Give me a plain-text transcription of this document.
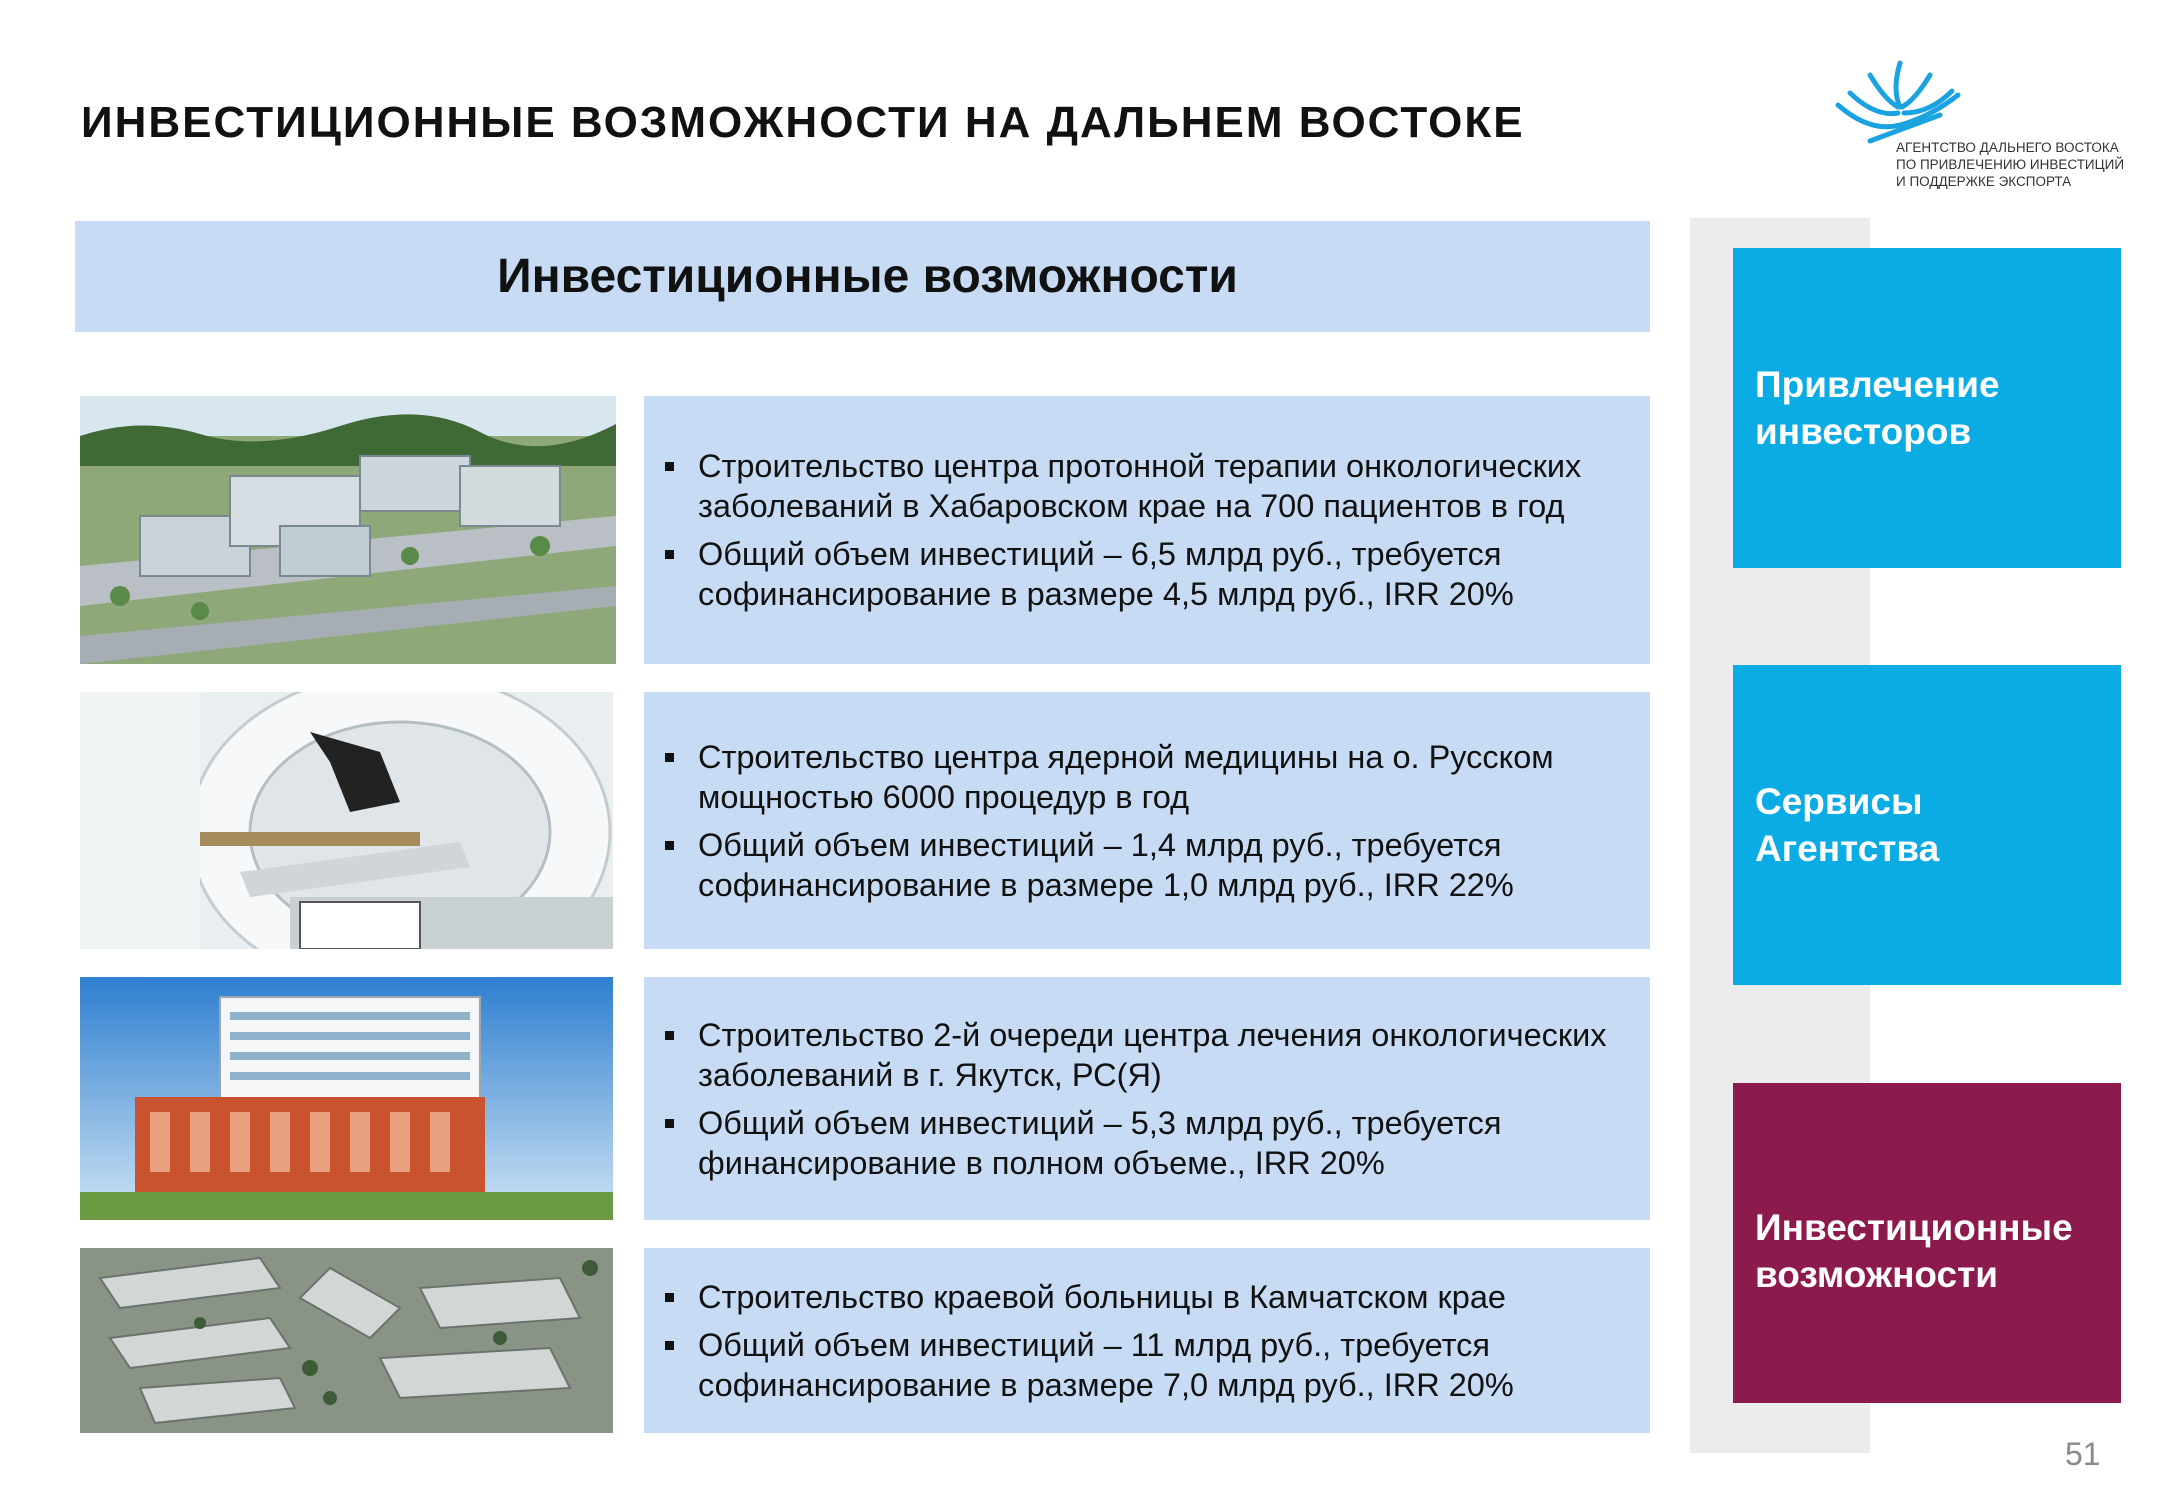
ИНВЕСТИЦИОННЫЕ ВОЗМОЖНОСТИ НА ДАЛЬНЕМ ВОСТОКЕ
АГЕНТСТВО ДАЛЬНЕГО ВОСТОКА
ПО ПРИВЛЕЧЕНИЮ ИНВЕСТИЦИЙ
И ПОДДЕРЖКЕ ЭКСПОРТА
Инвестиционные возможности
Строительство центра протонной терапии онкологических заболеваний в Хабаровском крае на 700 пациентов в год
Общий объем инвестиций – 6,5 млрд руб., требуется софинансирование в размере 4,5 млрд руб., IRR 20%
Строительство центра ядерной медицины на о. Русском мощностью 6000 процедур в год
Общий объем инвестиций – 1,4 млрд руб., требуется софинансирование в размере 1,0 млрд руб., IRR 22%
Строительство 2-й очереди центра лечения онкологических заболеваний в г. Якутск, РС(Я)
Общий объем инвестиций – 5,3 млрд руб., требуется финансирование в полном объеме., IRR 20%
Строительство краевой больницы в Камчатском крае
Общий объем инвестиций – 11 млрд руб., требуется софинансирование в размере 7,0 млрд руб., IRR 20%
Привлечение инвесторов
Сервисы Агентства
Инвестиционные возможности
51
